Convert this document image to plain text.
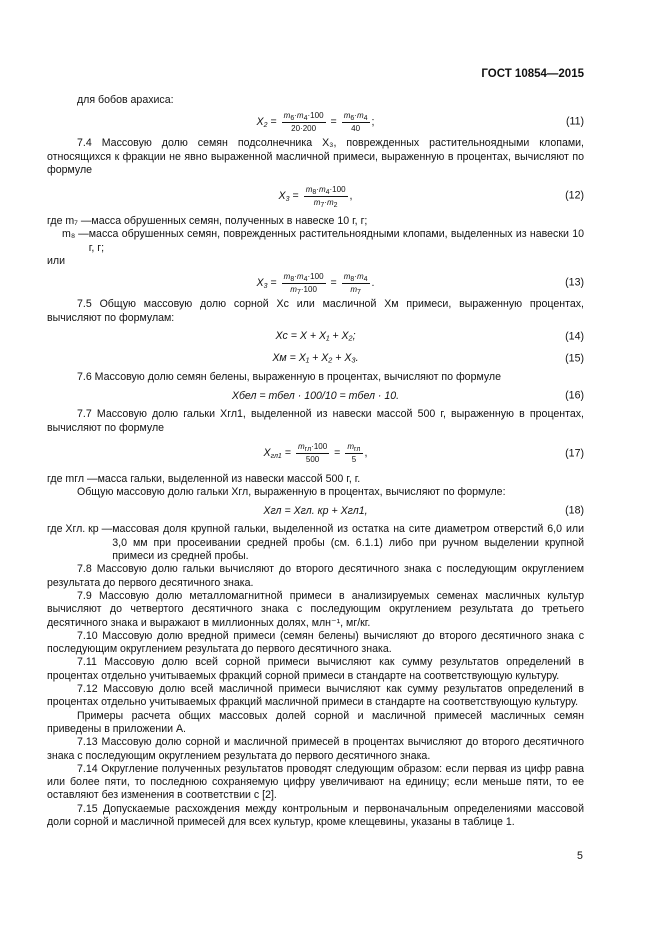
ГОСТ 10854—2015

для бобов арахиса:

$X_2 = \frac{m_6\cdot m_4\cdot 100}{20\cdot 200} = \frac{m_6\cdot m_4}{40}$ ;	(11)

7.4 Массовую долю семян подсолнечника X₃, поврежденных растительноядными клопами, относящихся к фракции не явно выраженной масличной примеси, выраженную в процентах, вычисляют по формуле

$X_3 = \frac{m_8\cdot m_4\cdot 100}{m_7\cdot m_2}$ ,	(12)
где m₇ — масса обрушенных семян, полученных в навеске 10 г, г;
m₈ — масса обрушенных семян, поврежденных растительноядными клопами, выделенных из навески 10 г, г;

или

$X_3 = \frac{m_8\cdot m_4\cdot 100}{m_7\cdot 100} = \frac{m_8\cdot m_4}{m_7}$ .	(13)

7.5 Общую массовую долю сорной Xс или масличной Xм примеси, выраженную процентах, вычисляют по формулам:

Xс = X + X₁ + X₂;	(14)
Xм = X₁ + X₂ + X₃.	(15)

7.6 Массовую долю семян белены, выраженную в процентах, вычисляют по формуле

Xбел = mбел · 100/10 = mбел · 10.	(16)

7.7 Массовую долю гальки Xгл1, выделенной из навески массой 500 г, выраженную в процентах, вычисляют по формуле

$X_{гл1}$ =
$m_{гл}\cdot 100$
500
=
$m_{гл}$
5
,	(17)
где mгл — масса гальки, выделенной из навески массой 500 г, г.

Общую массовую долю гальки Xгл, выраженную в процентах, вычисляют по формуле:

Xгл = Xгл. кр + Xгл1,	(18)
где Xгл. кр — массовая доля крупной гальки, выделенной из остатка на сите диаметром отверстий 6,0 или 3,0 мм при просеивании средней пробы (см. 6.1.1) либо при ручном выделении крупной примеси из средней пробы.

7.8 Массовую долю гальки вычисляют до второго десятичного знака с последующим округлением результата до первого десятичного знака.

7.9 Массовую долю металломагнитной примеси в анализируемых семенах масличных культур вычисляют до четвертого десятичного знака с последующим округлением результата до третьего десятичного знака и выражают в миллионных долях, млн⁻¹, мг/кг.

7.10 Массовую долю вредной примеси (семян белены) вычисляют до второго десятичного знака с последующим округлением результата до первого десятичного знака.

7.11 Массовую долю всей сорной примеси вычисляют как сумму результатов определений в процентах отдельно учитываемых фракций сорной примеси в стандарте на соответствующую культуру.

7.12 Массовую долю всей масличной примеси вычисляют как сумму результатов определений в процентах отдельно учитываемых фракций масличной примеси в стандарте на соответствующую культуру.

Примеры расчета общих массовых долей сорной и масличной примесей масличных семян приведены в приложении А.

7.13 Массовую долю сорной и масличной примесей в процентах вычисляют до второго десятичного знака с последующим округлением результата до первого десятичного знака.

7.14 Округление полученных результатов проводят следующим образом: если первая из цифр равна или более пяти, то последнюю сохраняемую цифру увеличивают на единицу; если меньше пяти, то ее оставляют без изменения в соответствии с [2].

7.15 Допускаемые расхождения между контрольным и первоначальным определениями массовой доли сорной и масличной примесей для всех культур, кроме клещевины, указаны в таблице 1.

5
